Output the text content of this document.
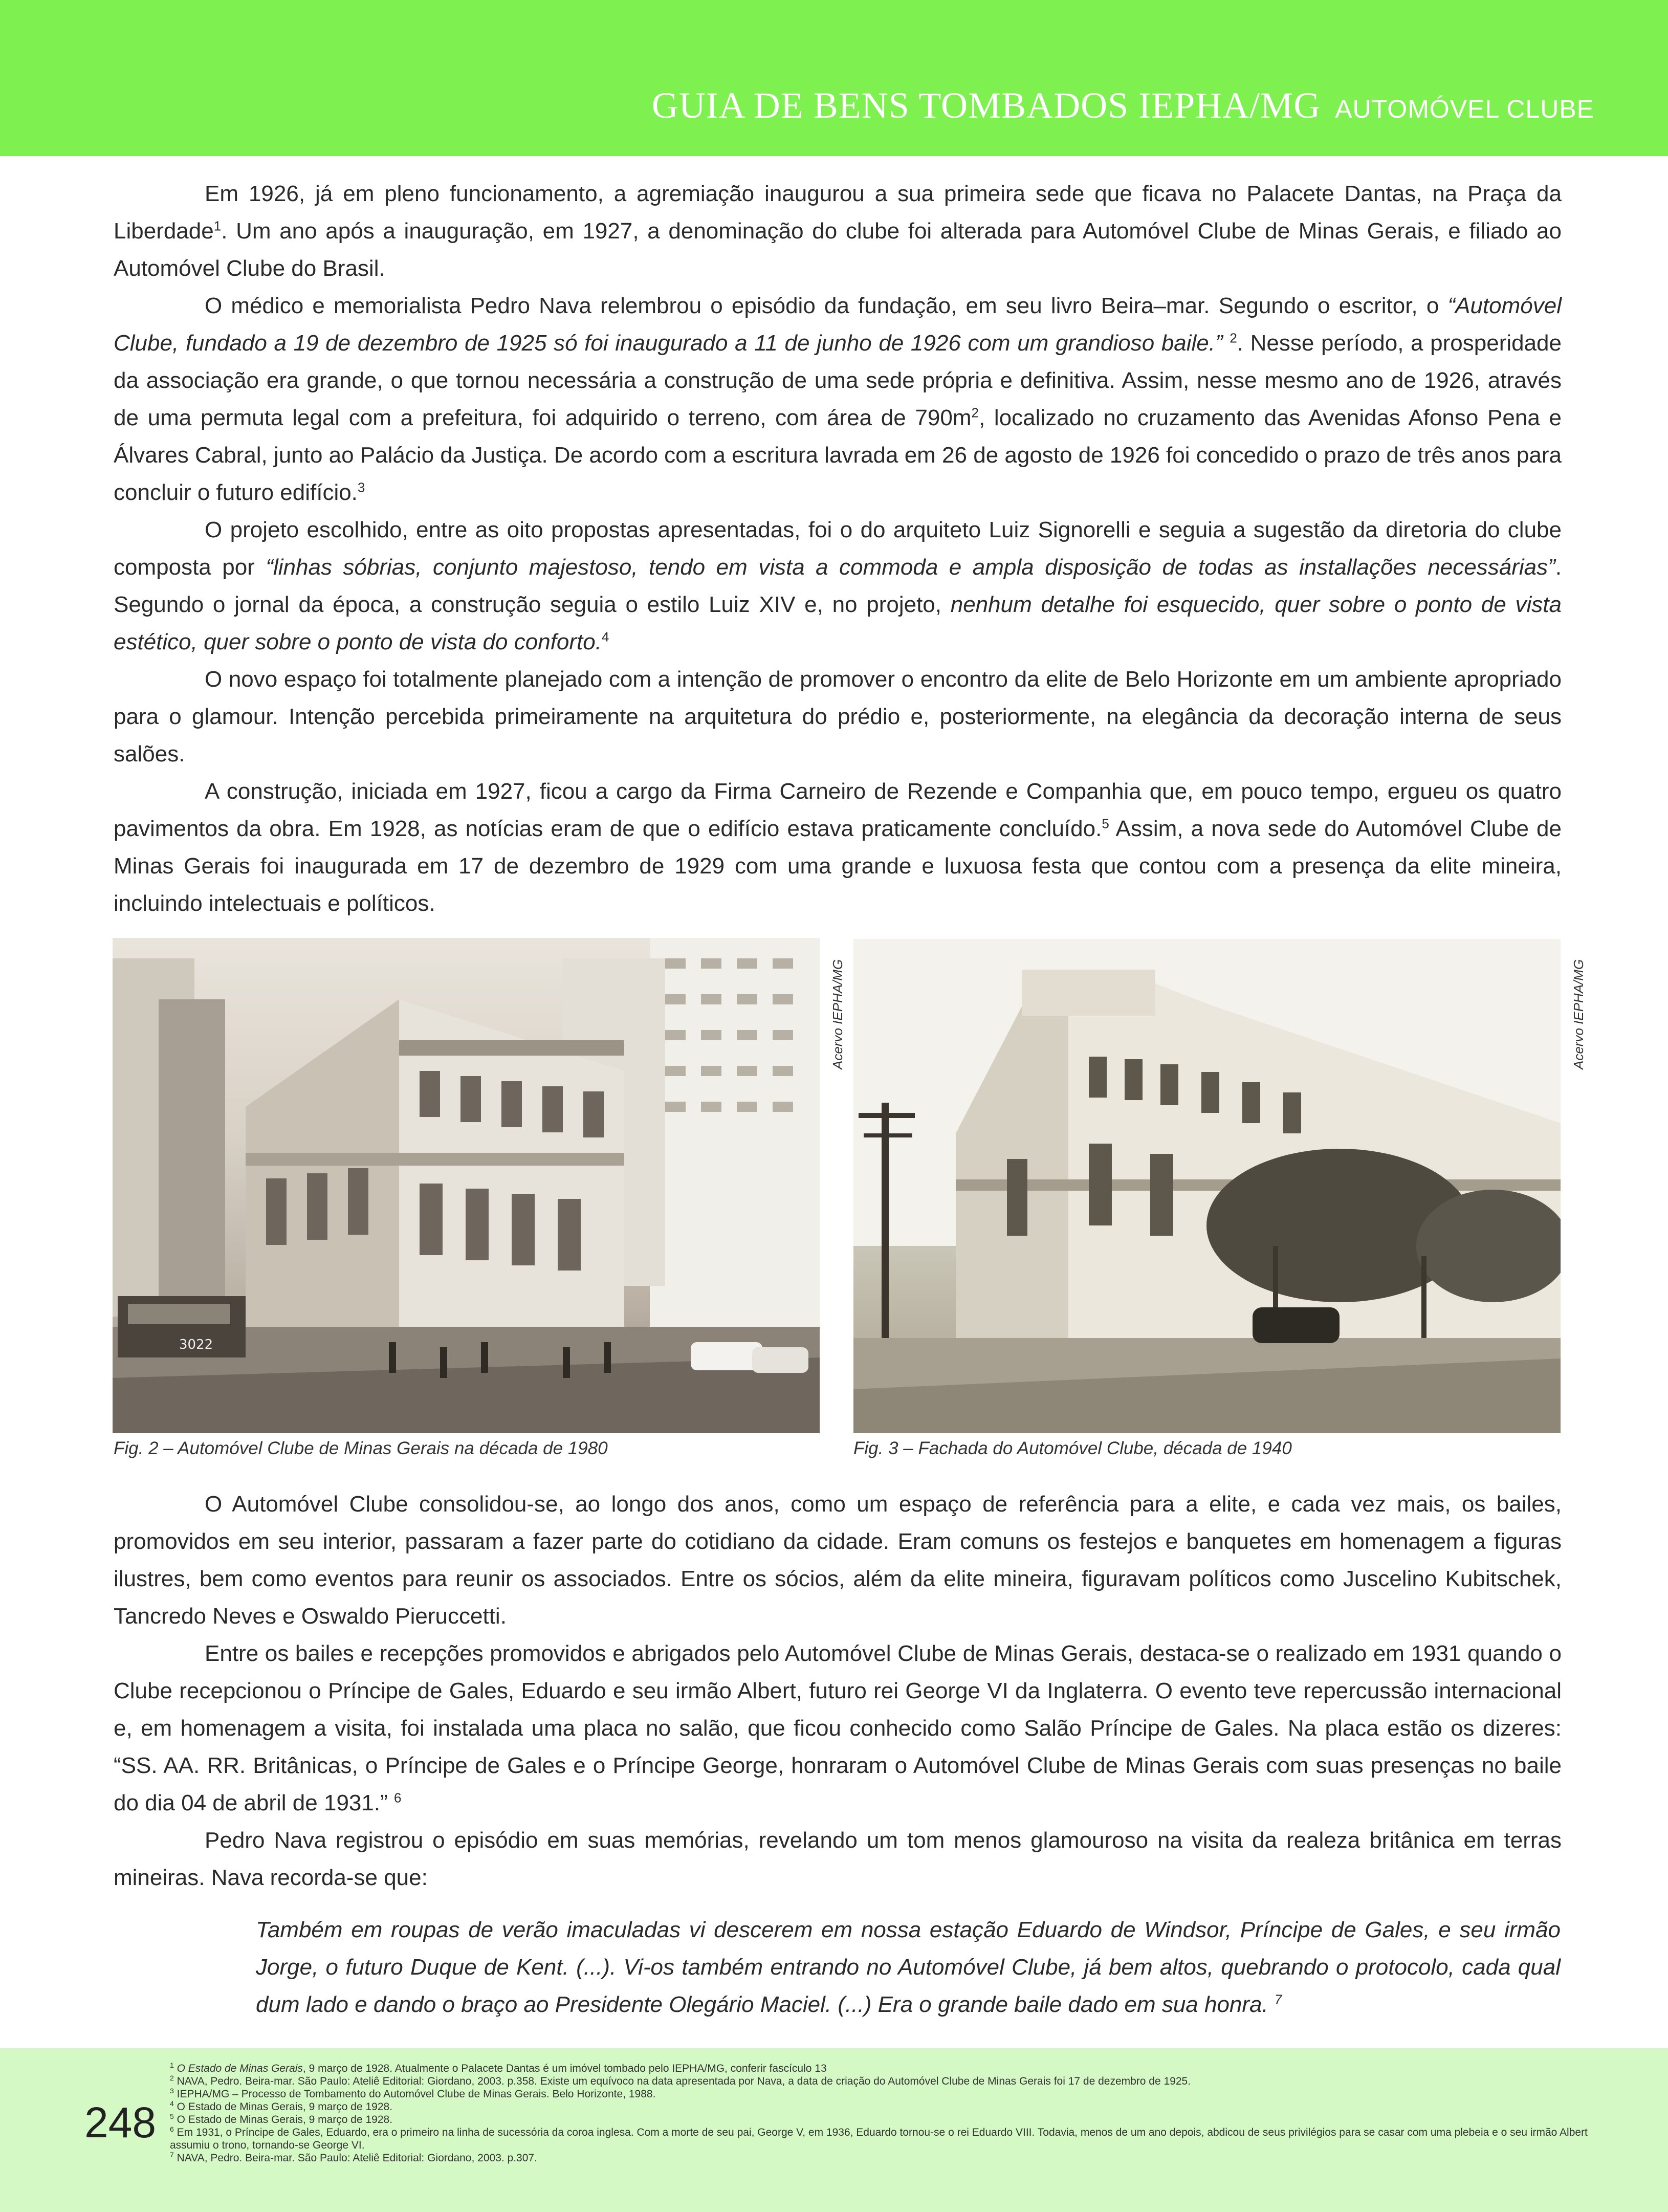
GUIA DE BENS TOMBADOS IEPHA/MG AUTOMÓVEL CLUBE

Em 1926, já em pleno funcionamento, a agremiação inaugurou a sua primeira sede que ficava no Palacete Dantas, na Praça da Liberdade$^1$. Um ano após a inauguração, em 1927, a denominação do clube foi alterada para Automóvel Clube de Minas Gerais, e filiado ao Automóvel Clube do Brasil.

O médico e memorialista Pedro Nava relembrou o episódio da fundação, em seu livro Beira–mar. Segundo o escritor, o “Automóvel Clube, fundado a 19 de dezembro de 1925 só foi inaugurado a 11 de junho de 1926 com um grandioso baile.” $^2$. Nesse período, a prosperidade da associação era grande, o que tornou necessária a construção de uma sede própria e definitiva. Assim, nesse mesmo ano de 1926, através de uma permuta legal com a prefeitura, foi adquirido o terreno, com área de $790m^2$, localizado no cruzamento das Avenidas Afonso Pena e Álvares Cabral, junto ao Palácio da Justiça. De acordo com a escritura lavrada em 26 de agosto de 1926 foi concedido o prazo de três anos para concluir o futuro edifício.$^3$

O projeto escolhido, entre as oito propostas apresentadas, foi o do arquiteto Luiz Signorelli e seguia a sugestão da diretoria do clube composta por “linhas sóbrias, conjunto majestoso, tendo em vista a commoda e ampla disposição de todas as installações necessárias”. Segundo o jornal da época, a construção seguia o estilo Luiz XIV e, no projeto, nenhum detalhe foi esquecido, quer sobre o ponto de vista estético, quer sobre o ponto de vista do conforto.$^4$

O novo espaço foi totalmente planejado com a intenção de promover o encontro da elite de Belo Horizonte em um ambiente apropriado para o glamour. Intenção percebida primeiramente na arquitetura do prédio e, posteriormente, na elegância da decoração interna de seus salões.

A construção, iniciada em 1927, ficou a cargo da Firma Carneiro de Rezende e Companhia que, em pouco tempo, ergueu os quatro pavimentos da obra. Em 1928, as notícias eram de que o edifício estava praticamente concluído.$^5$ Assim, a nova sede do Automóvel Clube de Minas Gerais foi inaugurada em 17 de dezembro de 1929 com uma grande e luxuosa festa que contou com a presença da elite mineira, incluindo intelectuais e políticos.

3022
Acervo IEPHA/MG
Fig. 2 – Automóvel Clube de Minas Gerais na década de 1980
Acervo IEPHA/MG
Fig. 3 – Fachada do Automóvel Clube, década de 1940

O Automóvel Clube consolidou-se, ao longo dos anos, como um espaço de referência para a elite, e cada vez mais, os bailes, promovidos em seu interior, passaram a fazer parte do cotidiano da cidade. Eram comuns os festejos e banquetes em homenagem a figuras ilustres, bem como eventos para reunir os associados. Entre os sócios, além da elite mineira, figuravam políticos como Juscelino Kubitschek, Tancredo Neves e Oswaldo Pieruccetti.

Entre os bailes e recepções promovidos e abrigados pelo Automóvel Clube de Minas Gerais, destaca-se o realizado em 1931 quando o Clube recepcionou o Príncipe de Gales, Eduardo e seu irmão Albert, futuro rei George VI da Inglaterra. O evento teve repercussão internacional e, em homenagem a visita, foi instalada uma placa no salão, que ficou conhecido como Salão Príncipe de Gales. Na placa estão os dizeres: “SS. AA. RR. Britânicas, o Príncipe de Gales e o Príncipe George, honraram o Automóvel Clube de Minas Gerais com suas presenças no baile do dia 04 de abril de 1931.” $^6$

Pedro Nava registrou o episódio em suas memórias, revelando um tom menos glamouroso na visita da realeza britânica em terras mineiras. Nava recorda-se que:

Também em roupas de verão imaculadas vi descerem em nossa estação Eduardo de Windsor, Príncipe de Gales, e seu irmão Jorge, o futuro Duque de Kent. (...). Vi-os também entrando no Automóvel Clube, já bem altos, quebrando o protocolo, cada qual dum lado e dando o braço ao Presidente Olegário Maciel. (...) Era o grande baile dado em sua honra. $^7$
248
$^1$ O Estado de Minas Gerais, 9 março de 1928. Atualmente o Palacete Dantas é um imóvel tombado pelo IEPHA/MG, conferir fascículo 13
$^2$ NAVA, Pedro. Beira-mar. São Paulo: Ateliê Editorial: Giordano, 2003. p.358. Existe um equívoco na data apresentada por Nava, a data de criação do Automóvel Clube de Minas Gerais foi 17 de dezembro de 1925.
$^3$ IEPHA/MG – Processo de Tombamento do Automóvel Clube de Minas Gerais. Belo Horizonte, 1988.
$^4$ O Estado de Minas Gerais, 9 março de 1928.
$^5$ O Estado de Minas Gerais, 9 março de 1928.
$^6$ Em 1931, o Príncipe de Gales, Eduardo, era o primeiro na linha de sucessória da coroa inglesa. Com a morte de seu pai, George V, em 1936, Eduardo tornou-se o rei Eduardo VIII. Todavia, menos de um ano depois, abdicou de seus privilégios para se casar com uma plebeia e o seu irmão Albert assumiu o trono, tornando-se George VI.
$^7$ NAVA, Pedro. Beira-mar. São Paulo: Ateliê Editorial: Giordano, 2003. p.307.
